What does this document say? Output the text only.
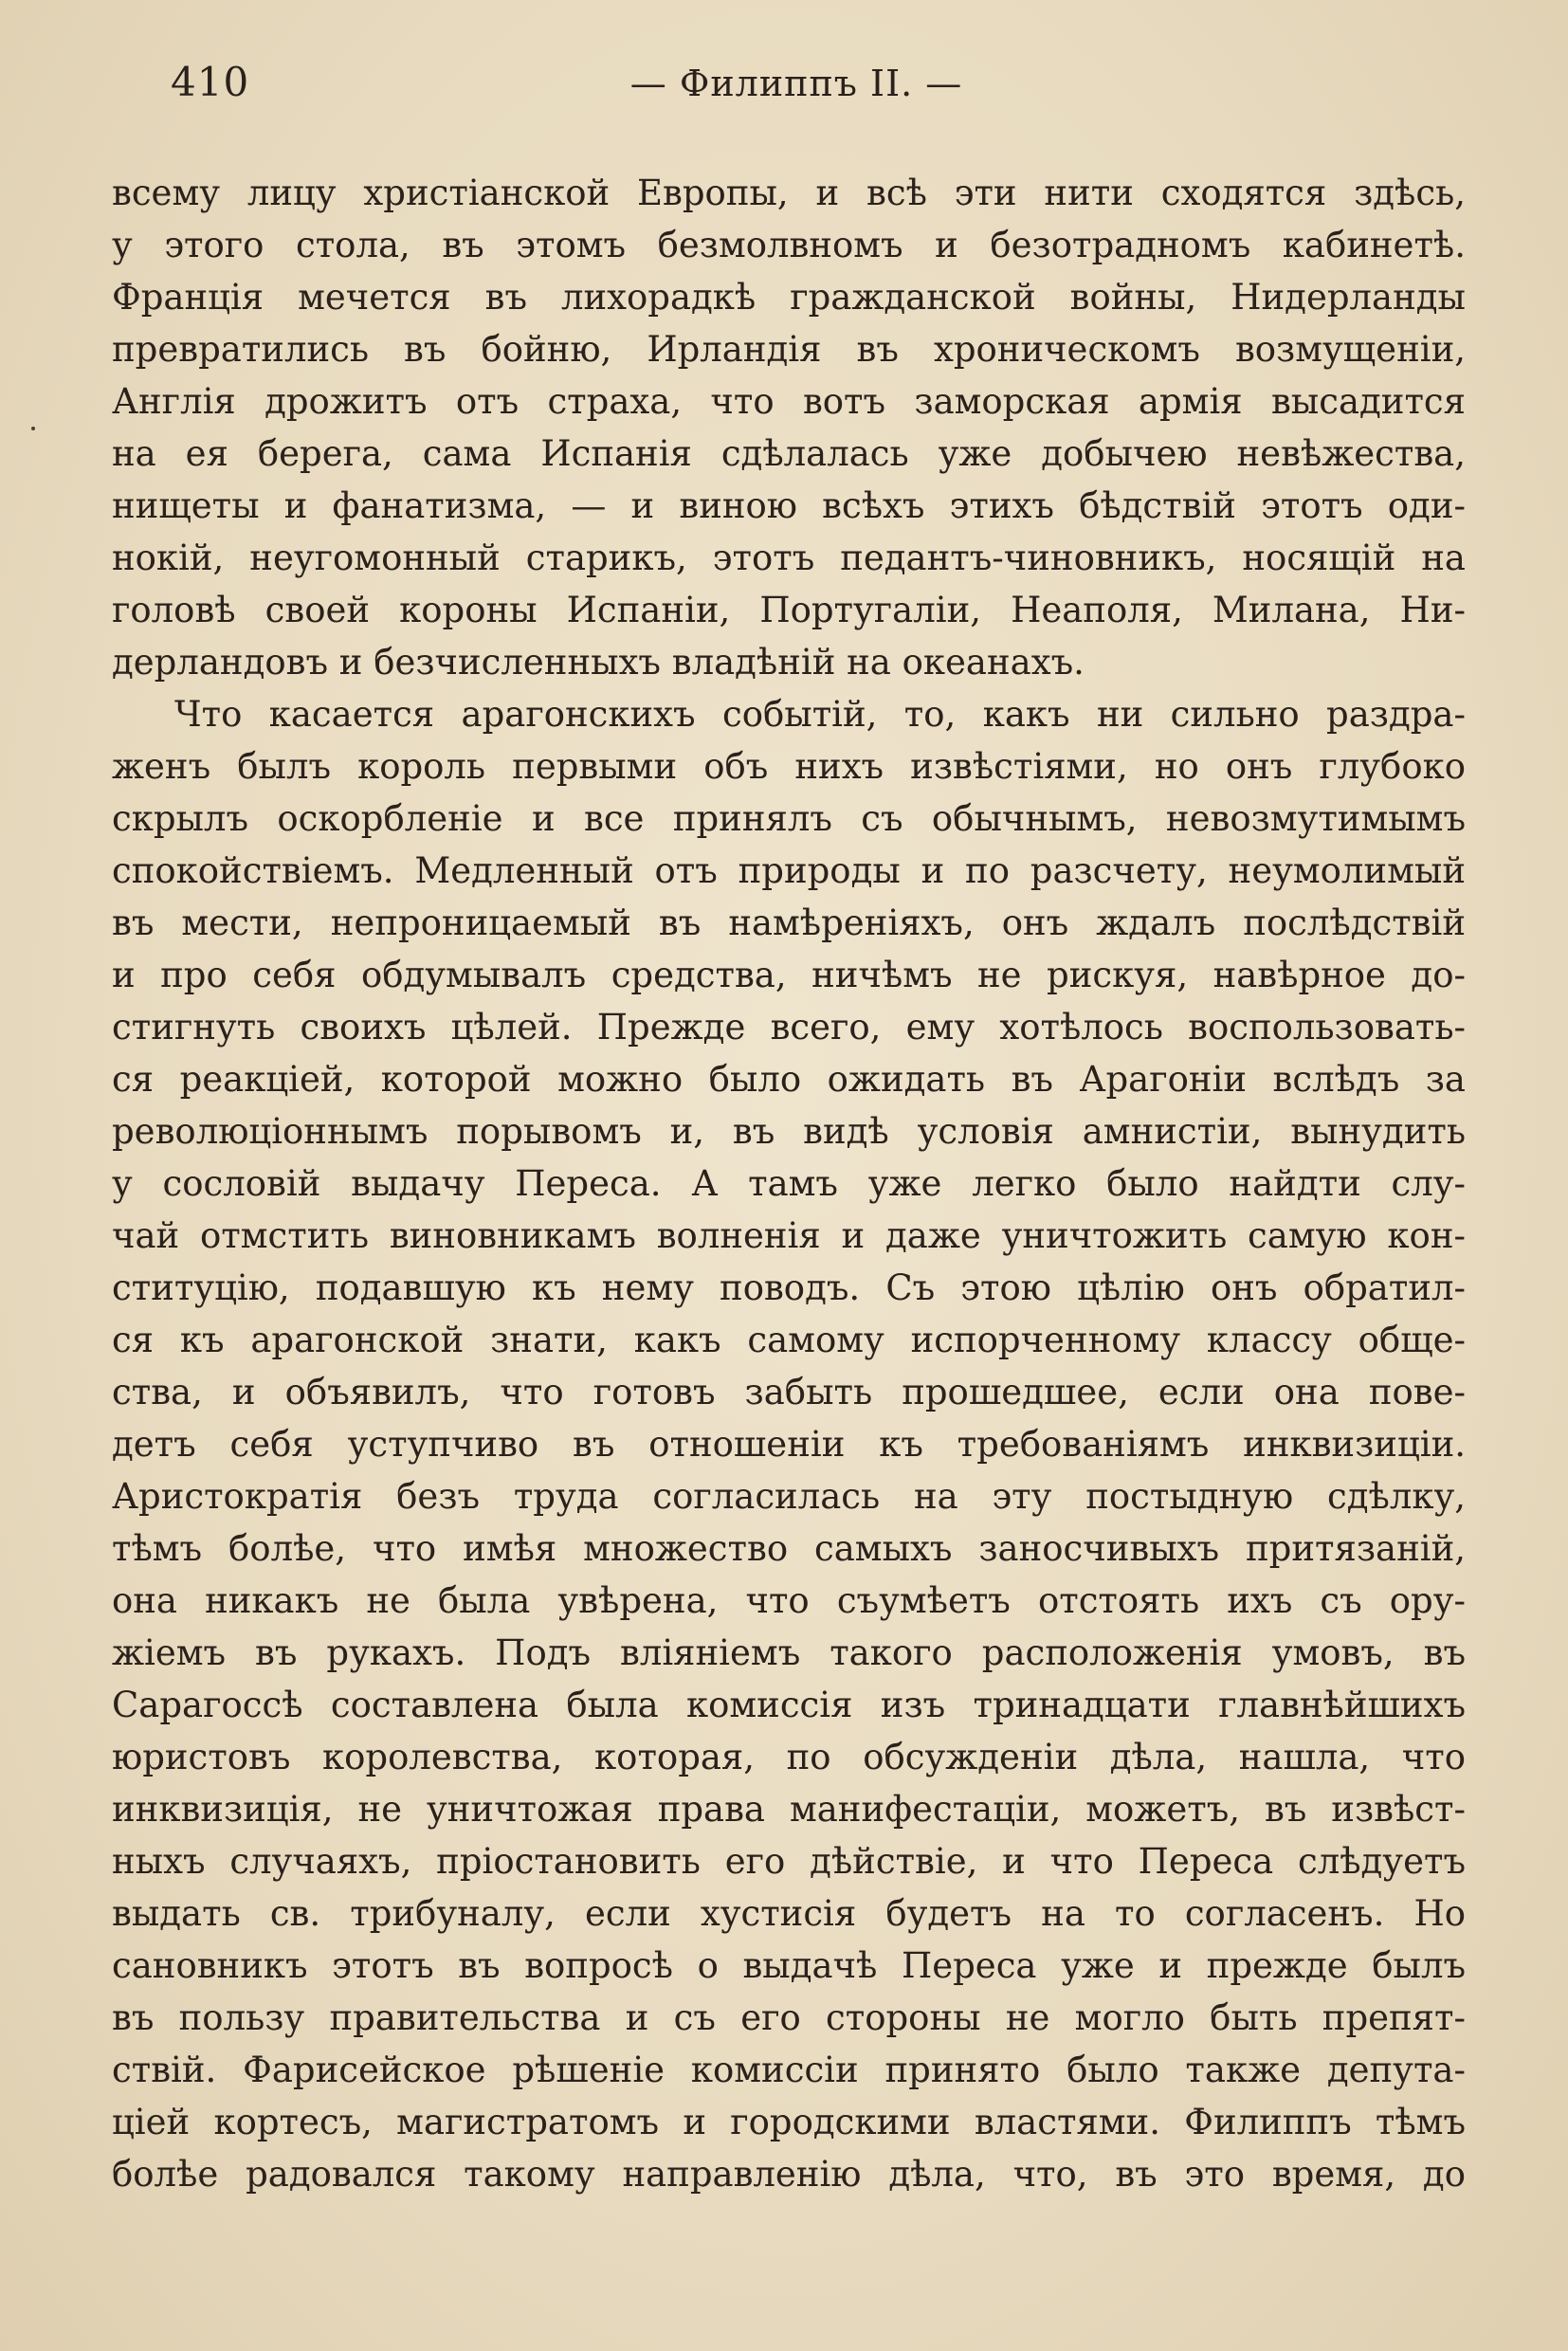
410	— Филиппъ II. —
всему лицу христіанской Европы, и всѣ эти нити сходятся здѣсь,
у этого стола, въ этомъ безмолвномъ и безотрадномъ кабинетѣ.
Франція мечется въ лихорадкѣ гражданской войны, Нидерланды
превратились въ бойню, Ирландія въ хроническомъ возмущеніи,
Англія дрожитъ отъ страха, что вотъ заморская армія высадится
на ея берега, сама Испанія сдѣлалась уже добычею невѣжества,
нищеты и фанатизма, — и виною всѣхъ этихъ бѣдствій этотъ оди-
нокій, неугомонный старикъ, этотъ педантъ-чиновникъ, носящій на
головѣ своей короны Испаніи, Португаліи, Неаполя, Милана, Ни-
дерландовъ и безчисленныхъ владѣній на океанахъ.
Что касается арагонскихъ событій, то, какъ ни сильно раздра-
женъ былъ король первыми объ нихъ извѣстіями, но онъ глубоко
скрылъ оскорбленіе и все принялъ съ обычнымъ, невозмутимымъ
спокойствіемъ. Медленный отъ природы и по разсчету, неумолимый
въ мести, непроницаемый въ намѣреніяхъ, онъ ждалъ послѣдствій
и про себя обдумывалъ средства, ничѣмъ не рискуя, навѣрное до-
стигнуть своихъ цѣлей. Прежде всего, ему хотѣлось воспользовать-
ся реакціей, которой можно было ожидать въ Арагоніи вслѣдъ за
революціоннымъ порывомъ и, въ видѣ условія амнистіи, вынудить
у сословій выдачу Переса. А тамъ уже легко было найдти слу-
чай отмстить виновникамъ волненія и даже уничтожить самую кон-
ституцію, подавшую къ нему поводъ. Съ этою цѣлію онъ обратил-
ся къ арагонской знати, какъ самому испорченному классу обще-
ства, и объявилъ, что готовъ забыть прошедшее, если она пове-
детъ себя уступчиво въ отношеніи къ требованіямъ инквизиціи.
Аристократія безъ труда согласилась на эту постыдную сдѣлку,
тѣмъ болѣе, что имѣя множество самыхъ заносчивыхъ притязаній,
она никакъ не была увѣрена, что съумѣетъ отстоять ихъ съ ору-
жіемъ въ рукахъ. Подъ вліяніемъ такого расположенія умовъ, въ
Сарагоссѣ составлена была комиссія изъ тринадцати главнѣйшихъ
юристовъ королевства, которая, по обсужденіи дѣла, нашла, что
инквизиція, не уничтожая права манифестаціи, можетъ, въ извѣст-
ныхъ случаяхъ, пріостановить его дѣйствіе, и что Переса слѣдуетъ
выдать св. трибуналу, если хустисія будетъ на то согласенъ. Но
сановникъ этотъ въ вопросѣ о выдачѣ Переса уже и прежде былъ
въ пользу правительства и съ его стороны не могло быть препят-
ствій. Фарисейское рѣшеніе комиссіи принято было также депута-
ціей кортесъ, магистратомъ и городскими властями. Филиппъ тѣмъ
болѣе радовался такому направленію дѣла, что, въ это время, до
